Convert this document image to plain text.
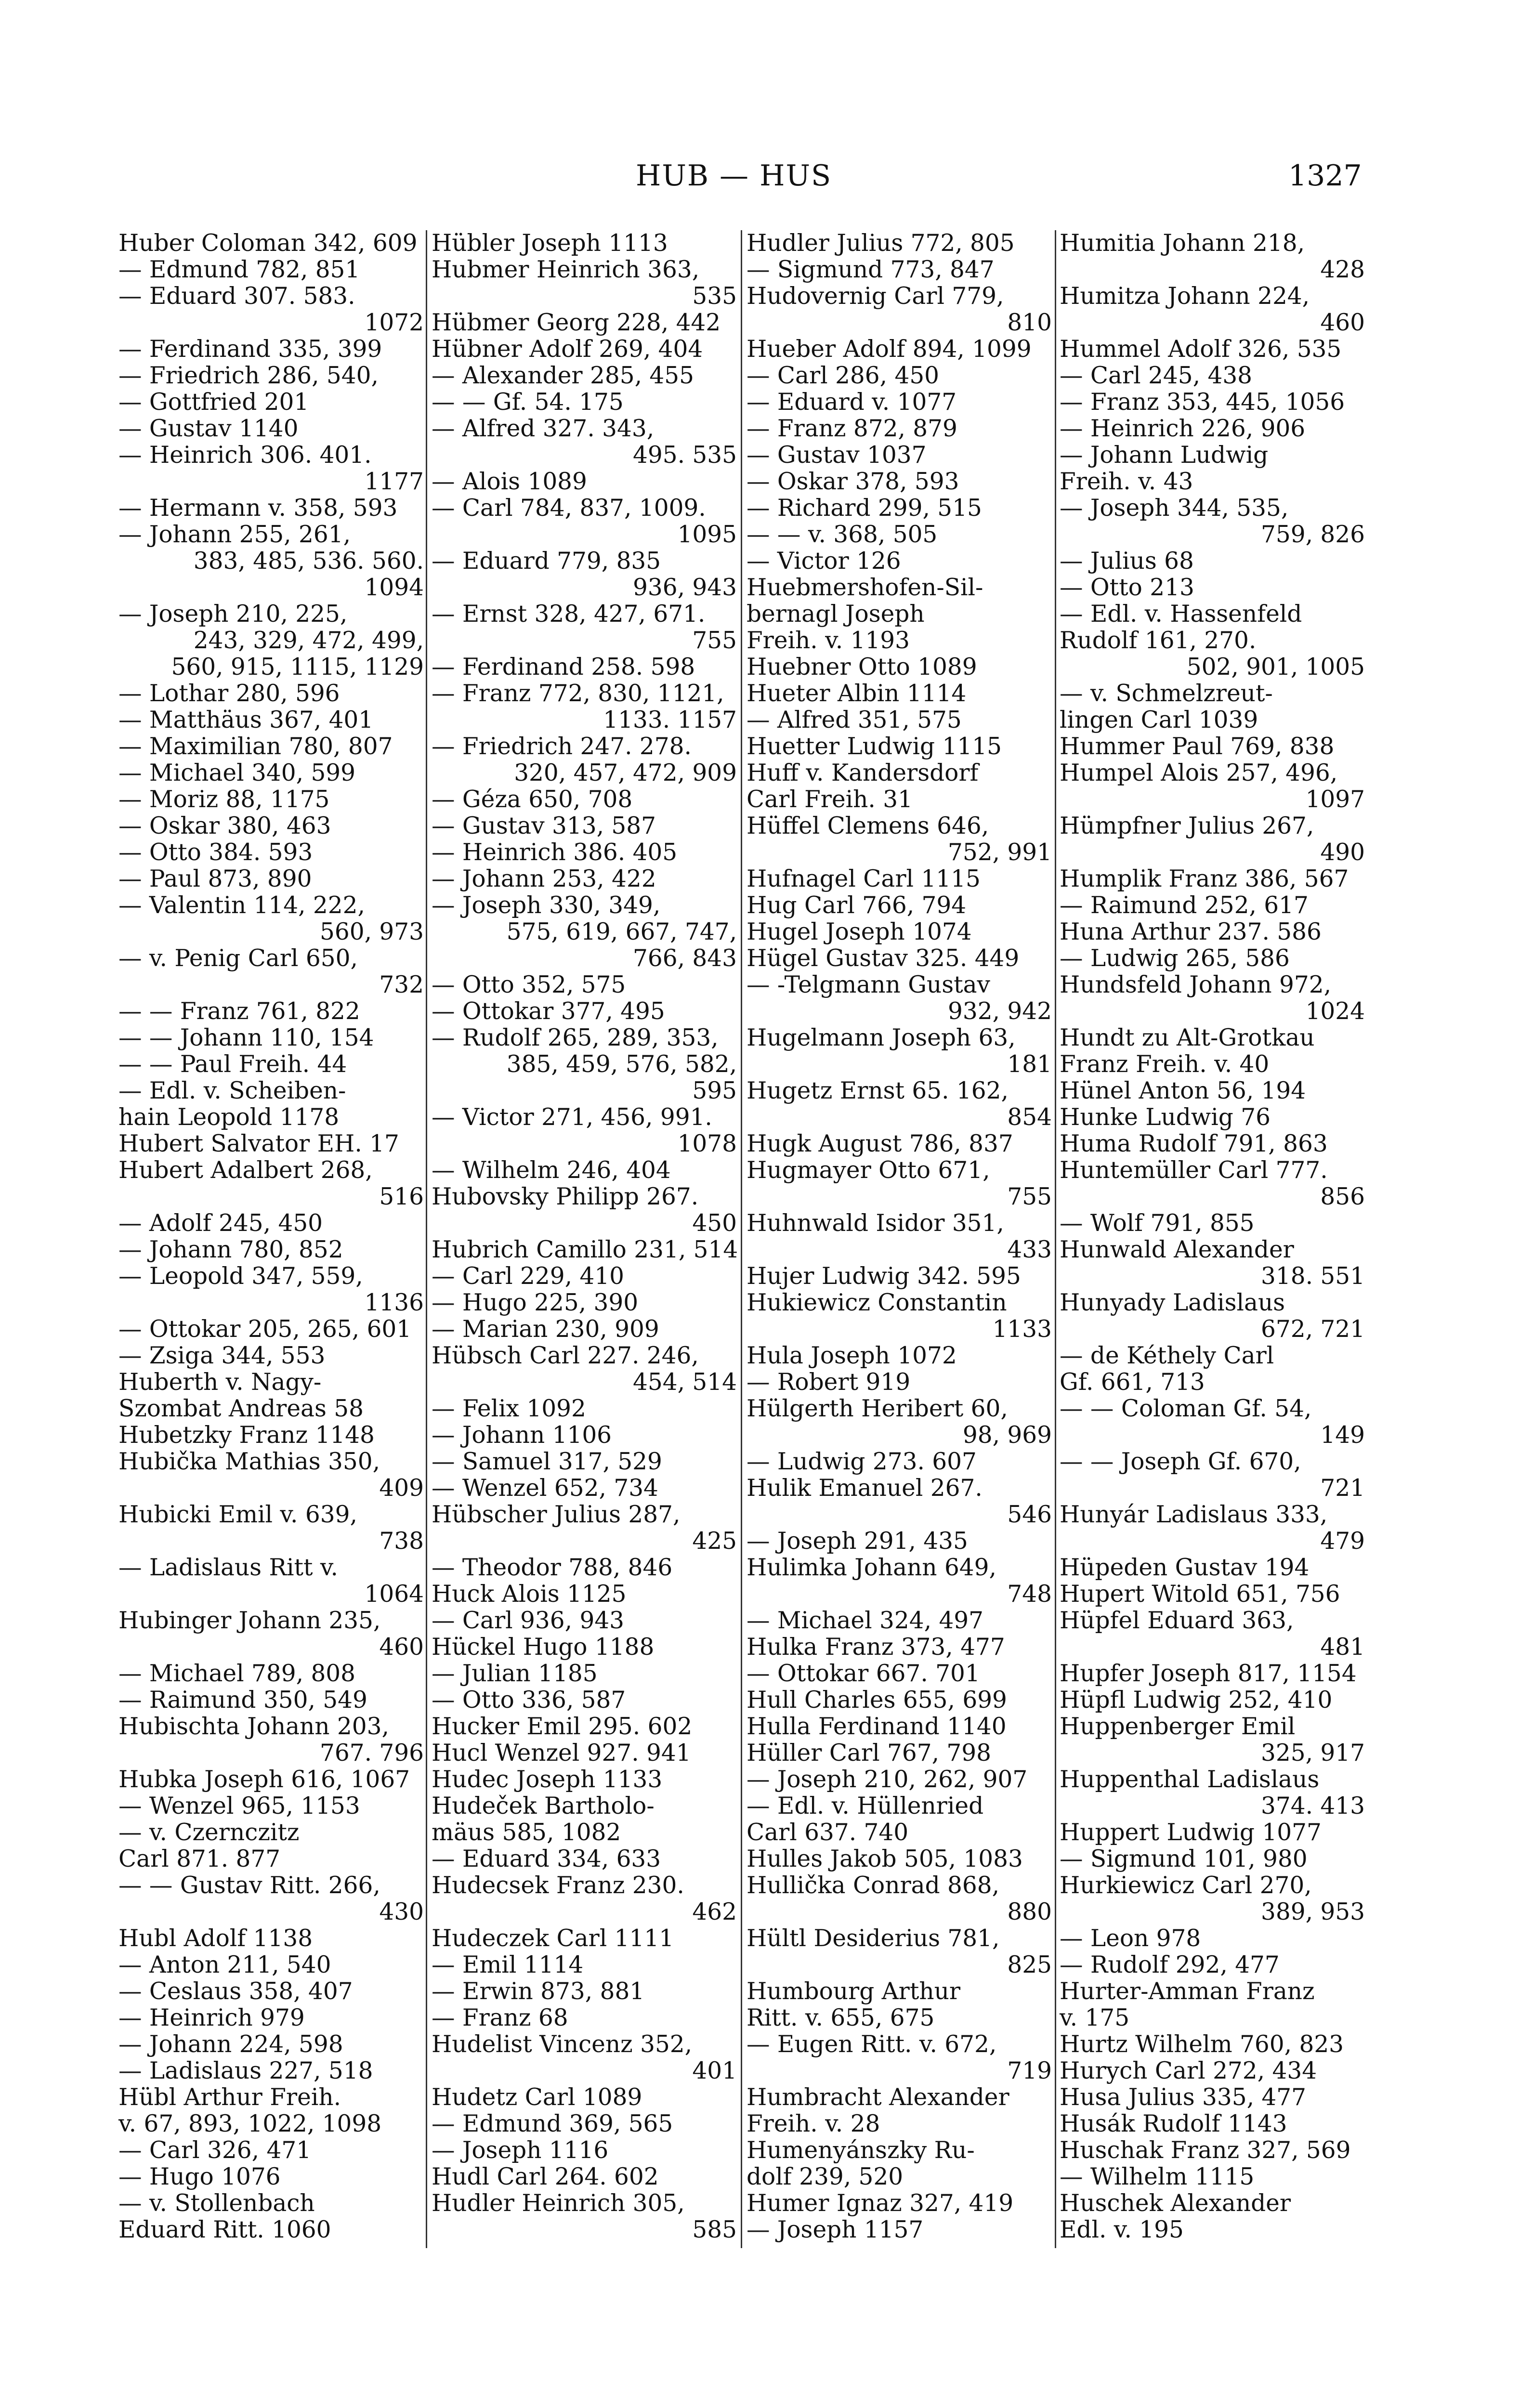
HUB — HUS	1327
Huber Coloman 342, 609
— Edmund 782, 851
— Eduard 307. 583.
1072
— Ferdinand 335, 399
— Friedrich 286, 540,
— Gottfried 201
— Gustav 1140
— Heinrich 306. 401.
1177
— Hermann v. 358, 593
— Johann 255, 261,
383, 485, 536. 560.
1094
— Joseph 210, 225,
243, 329, 472, 499,
560, 915, 1115, 1129
— Lothar 280, 596
— Matthäus 367, 401
— Maximilian 780, 807
— Michael 340, 599
— Moriz 88, 1175
— Oskar 380, 463
— Otto 384. 593
— Paul 873, 890
— Valentin 114, 222,
560, 973
— v. Penig Carl 650,
732
— — Franz 761, 822
— — Johann 110, 154
— — Paul Freih. 44
— Edl. v. Scheiben-
hain Leopold 1178
Hubert Salvator EH. 17
Hubert Adalbert 268,
516
— Adolf 245, 450
— Johann 780, 852
— Leopold 347, 559,
1136
— Ottokar 205, 265, 601
— Zsiga 344, 553
Huberth v. Nagy-
Szombat Andreas 58
Hubetzky Franz 1148
Hubička Mathias 350,
409
Hubicki Emil v. 639,
738
— Ladislaus Ritt v.
1064
Hubinger Johann 235,
460
— Michael 789, 808
— Raimund 350, 549
Hubischta Johann 203,
767. 796
Hubka Joseph 616, 1067
— Wenzel 965, 1153
— v. Czernczitz
Carl 871. 877
— — Gustav Ritt. 266,
430
Hubl Adolf 1138
— Anton 211, 540
— Ceslaus 358, 407
— Heinrich 979
— Johann 224, 598
— Ladislaus 227, 518
Hübl Arthur Freih.
v. 67, 893, 1022, 1098
— Carl 326, 471
— Hugo 1076
— v. Stollenbach
Eduard Ritt. 1060
Hübler Joseph 1113
Hubmer Heinrich 363,
535
Hübmer Georg 228, 442
Hübner Adolf 269, 404
— Alexander 285, 455
— — Gf. 54. 175
— Alfred 327. 343,
495. 535
— Alois 1089
— Carl 784, 837, 1009.
1095
— Eduard 779, 835
936, 943
— Ernst 328, 427, 671.
755
— Ferdinand 258. 598
— Franz 772, 830, 1121,
1133. 1157
— Friedrich 247. 278.
320, 457, 472, 909
— Géza 650, 708
— Gustav 313, 587
— Heinrich 386. 405
— Johann 253, 422
— Joseph 330, 349,
575, 619, 667, 747,
766, 843
— Otto 352, 575
— Ottokar 377, 495
— Rudolf 265, 289, 353,
385, 459, 576, 582,
595
— Victor 271, 456, 991.
1078
— Wilhelm 246, 404
Hubovsky Philipp 267.
450
Hubrich Camillo 231, 514
— Carl 229, 410
— Hugo 225, 390
— Marian 230, 909
Hübsch Carl 227. 246,
454, 514
— Felix 1092
— Johann 1106
— Samuel 317, 529
— Wenzel 652, 734
Hübscher Julius 287,
425
— Theodor 788, 846
Huck Alois 1125
— Carl 936, 943
Hückel Hugo 1188
— Julian 1185
— Otto 336, 587
Hucker Emil 295. 602
Hucl Wenzel 927. 941
Hudec Joseph 1133
Hudeček Bartholo-
mäus 585, 1082
— Eduard 334, 633
Hudecsek Franz 230.
462
Hudeczek Carl 1111
— Emil 1114
— Erwin 873, 881
— Franz 68
Hudelist Vincenz 352,
401
Hudetz Carl 1089
— Edmund 369, 565
— Joseph 1116
Hudl Carl 264. 602
Hudler Heinrich 305,
585
Hudler Julius 772, 805
— Sigmund 773, 847
Hudovernig Carl 779,
810
Hueber Adolf 894, 1099
— Carl 286, 450
— Eduard v. 1077
— Franz 872, 879
— Gustav 1037
— Oskar 378, 593
— Richard 299, 515
— — v. 368, 505
— Victor 126
Huebmershofen-Sil-
bernagl Joseph
Freih. v. 1193
Huebner Otto 1089
Hueter Albin 1114
— Alfred 351, 575
Huetter Ludwig 1115
Huff v. Kandersdorf
Carl Freih. 31
Hüffel Clemens 646,
752, 991
Hufnagel Carl 1115
Hug Carl 766, 794
Hugel Joseph 1074
Hügel Gustav 325. 449
— -Telgmann Gustav
932, 942
Hugelmann Joseph 63,
181
Hugetz Ernst 65. 162,
854
Hugk August 786, 837
Hugmayer Otto 671,
755
Huhnwald Isidor 351,
433
Hujer Ludwig 342. 595
Hukiewicz Constantin
1133
Hula Joseph 1072
— Robert 919
Hülgerth Heribert 60,
98, 969
— Ludwig 273. 607
Hulik Emanuel 267.
546
— Joseph 291, 435
Hulimka Johann 649,
748
— Michael 324, 497
Hulka Franz 373, 477
— Ottokar 667. 701
Hull Charles 655, 699
Hulla Ferdinand 1140
Hüller Carl 767, 798
— Joseph 210, 262, 907
— Edl. v. Hüllenried
Carl 637. 740
Hulles Jakob 505, 1083
Hullička Conrad 868,
880
Hültl Desiderius 781,
825
Humbourg Arthur
Ritt. v. 655, 675
— Eugen Ritt. v. 672,
719
Humbracht Alexander
Freih. v. 28
Humenyánszky Ru-
dolf 239, 520
Humer Ignaz 327, 419
— Joseph 1157
Humitia Johann 218,
428
Humitza Johann 224,
460
Hummel Adolf 326, 535
— Carl 245, 438
— Franz 353, 445, 1056
— Heinrich 226, 906
— Johann Ludwig
Freih. v. 43
— Joseph 344, 535,
759, 826
— Julius 68
— Otto 213
— Edl. v. Hassenfeld
Rudolf 161, 270.
502, 901, 1005
— v. Schmelzreut-
lingen Carl 1039
Hummer Paul 769, 838
Humpel Alois 257, 496,
1097
Hümpfner Julius 267,
490
Humplik Franz 386, 567
— Raimund 252, 617
Huna Arthur 237. 586
— Ludwig 265, 586
Hundsfeld Johann 972,
1024
Hundt zu Alt-Grotkau
Franz Freih. v. 40
Hünel Anton 56, 194
Hunke Ludwig 76
Huma Rudolf 791, 863
Huntemüller Carl 777.
856
— Wolf 791, 855
Hunwald Alexander
318. 551
Hunyady Ladislaus
672, 721
— de Kéthely Carl
Gf. 661, 713
— — Coloman Gf. 54,
149
— — Joseph Gf. 670,
721
Hunyár Ladislaus 333,
479
Hüpeden Gustav 194
Hupert Witold 651, 756
Hüpfel Eduard 363,
481
Hupfer Joseph 817, 1154
Hüpfl Ludwig 252, 410
Huppenberger Emil
325, 917
Huppenthal Ladislaus
374. 413
Huppert Ludwig 1077
— Sigmund 101, 980
Hurkiewicz Carl 270,
389, 953
— Leon 978
— Rudolf 292, 477
Hurter-Amman Franz
v. 175
Hurtz Wilhelm 760, 823
Hurych Carl 272, 434
Husa Julius 335, 477
Husák Rudolf 1143
Huschak Franz 327, 569
— Wilhelm 1115
Huschek Alexander
Edl. v. 195
